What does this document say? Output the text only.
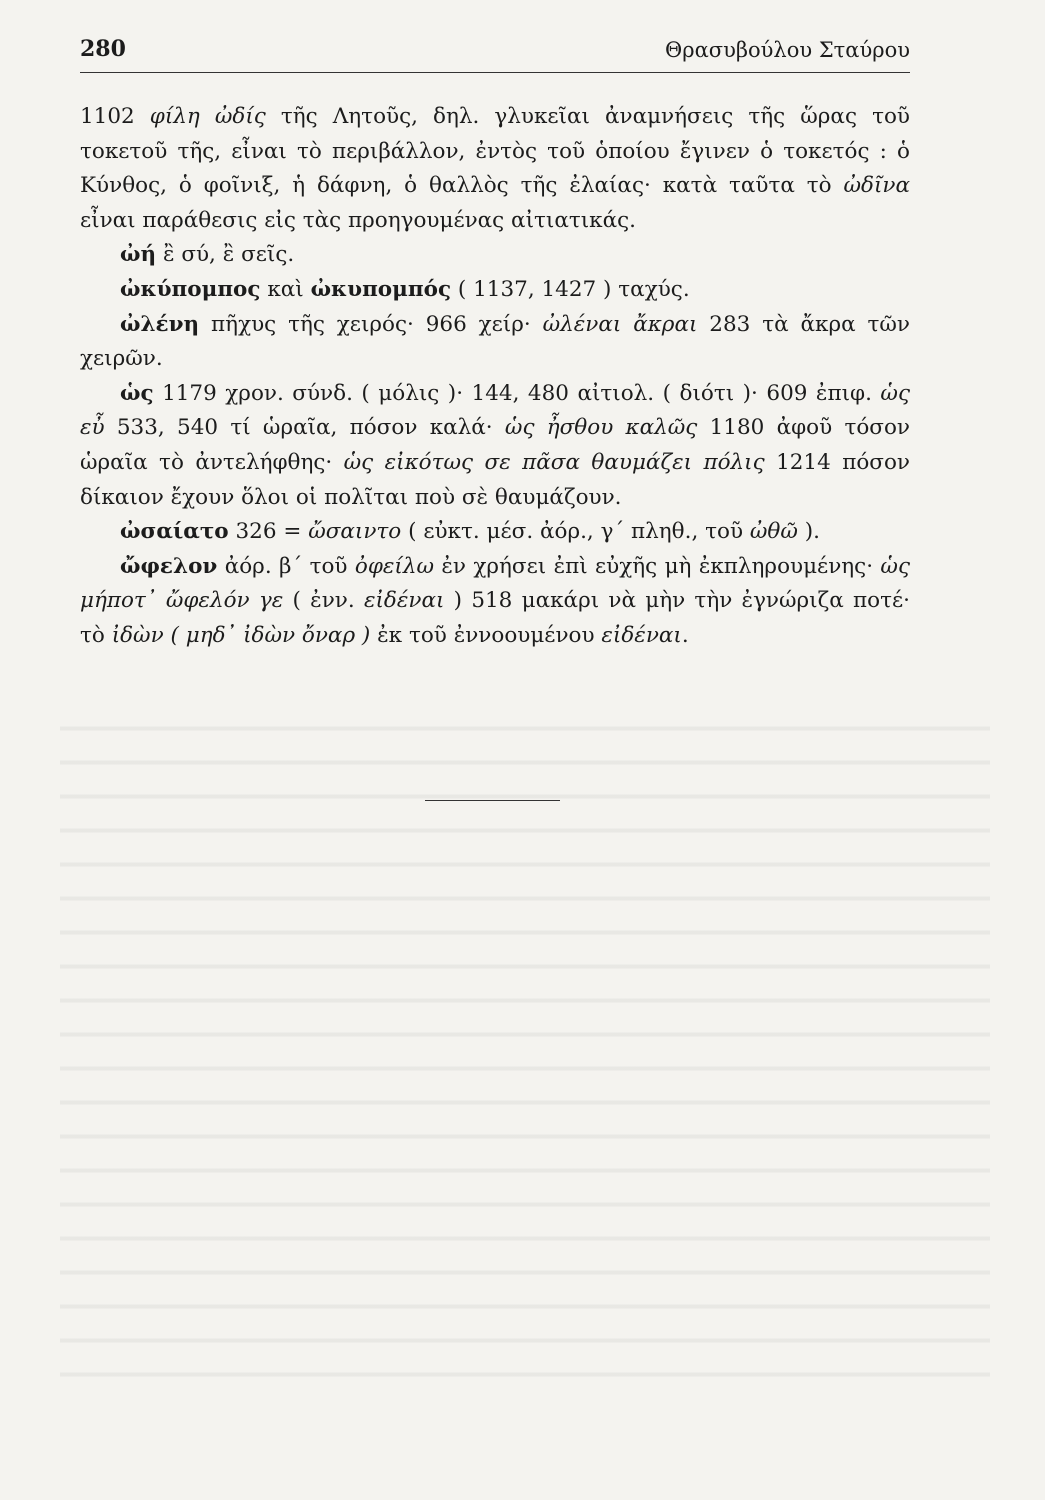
280	Θρασυβούλου Σταύρου

1102 φίλη ὠδίς τῆς Λητοῦς, δηλ. γλυκεῖαι ἀναμνήσεις τῆς ὥρας τοῦ τοκετοῦ τῆς, εἶναι τὸ περιβάλλον, ἐντὸς τοῦ ὁποίου ἔγινεν ὁ τοκετός : ὁ Κύνθος, ὁ φοῖνιξ, ἡ δάφνη, ὁ θαλλὸς τῆς ἐλαίας· κατὰ ταῦτα τὸ ὠδῖνα εἶναι παράθεσις εἰς τὰς προηγουμένας αἰτιατικάς.

ὠή ἒ σύ, ἒ σεῖς.

ὠκύπομπος καὶ ὠκυπομπός ( 1137, 1427 ) ταχύς.

ὠλένη πῆχυς τῆς χειρός· 966 χείρ· ὠλέναι ἄκραι 283 τὰ ἄκρα τῶν χειρῶν.

ὡς 1179 χρον. σύνδ. ( μόλις )· 144, 480 αἰτιολ. ( διότι )· 609 ἐπιφ. ὡς εὖ 533, 540 τί ὡραῖα, πόσον καλά· ὡς ἦσθου καλῶς 1180 ἀφοῦ τόσον ὡραῖα τὸ ἀντελήφθης· ὡς εἰκότως σε πᾶσα θαυμάζει πόλις 1214 πόσον δίκαιον ἔχουν ὅλοι οἱ πολῖται ποὺ σὲ θαυμάζουν.

ὠσαίατο 326 = ὤσαιντο ( εὐκτ. μέσ. ἀόρ., γ΄ πληθ., τοῦ ὠθῶ ).

ὤφελον ἀόρ. β΄ τοῦ ὀφείλω ἐν χρήσει ἐπὶ εὐχῆς μὴ ἐκπληρουμένης· ὡς μήποτ᾽ ὤφελόν γε ( ἐνν. εἰδέναι ) 518 μακάρι νὰ μὴν τὴν ἐγνώριζα ποτέ· τὸ ἰδὼν ( μηδ᾽ ἰδὼν ὄναρ ) ἐκ τοῦ ἐννοουμένου εἰδέναι.
